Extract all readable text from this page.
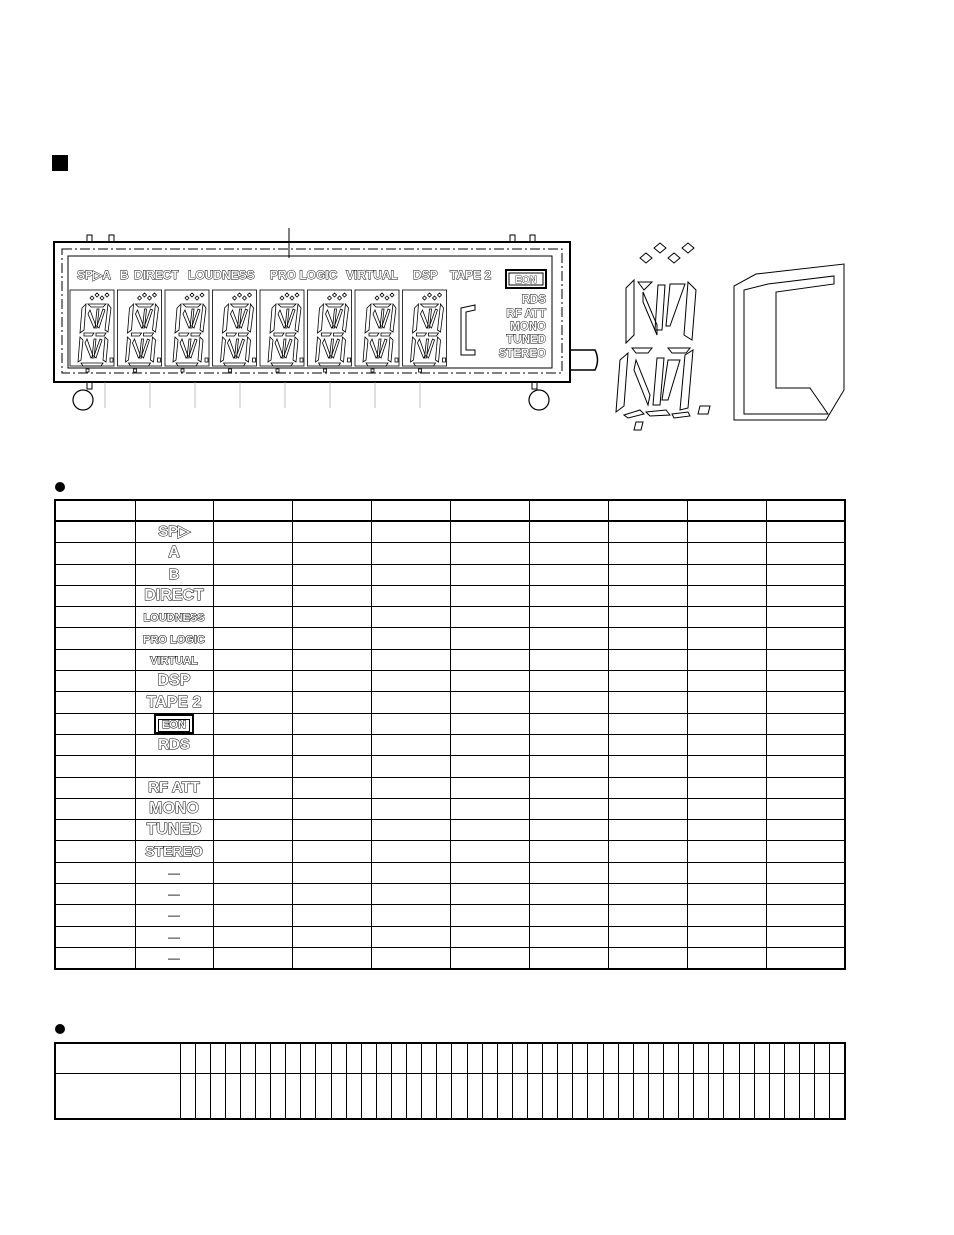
SP▷A B DIRECT LOUDNESS PRO LOGIC VIRTUAL DSP TAPE 2 EON
RDS
RF ATT
MONO
TUNED
STEREO

	SP▷								
	A								
	B								
	DIRECT								
	LOUDNESS								
	PRO LOGIC								
	VIRTUAL								
	DSP								
	TAPE 2								
	EON								
	RDS								

	RF ATT								
	MONO								
	TUNED								
	STEREO								
	—								
	—								
	—								
	—								
	—								
